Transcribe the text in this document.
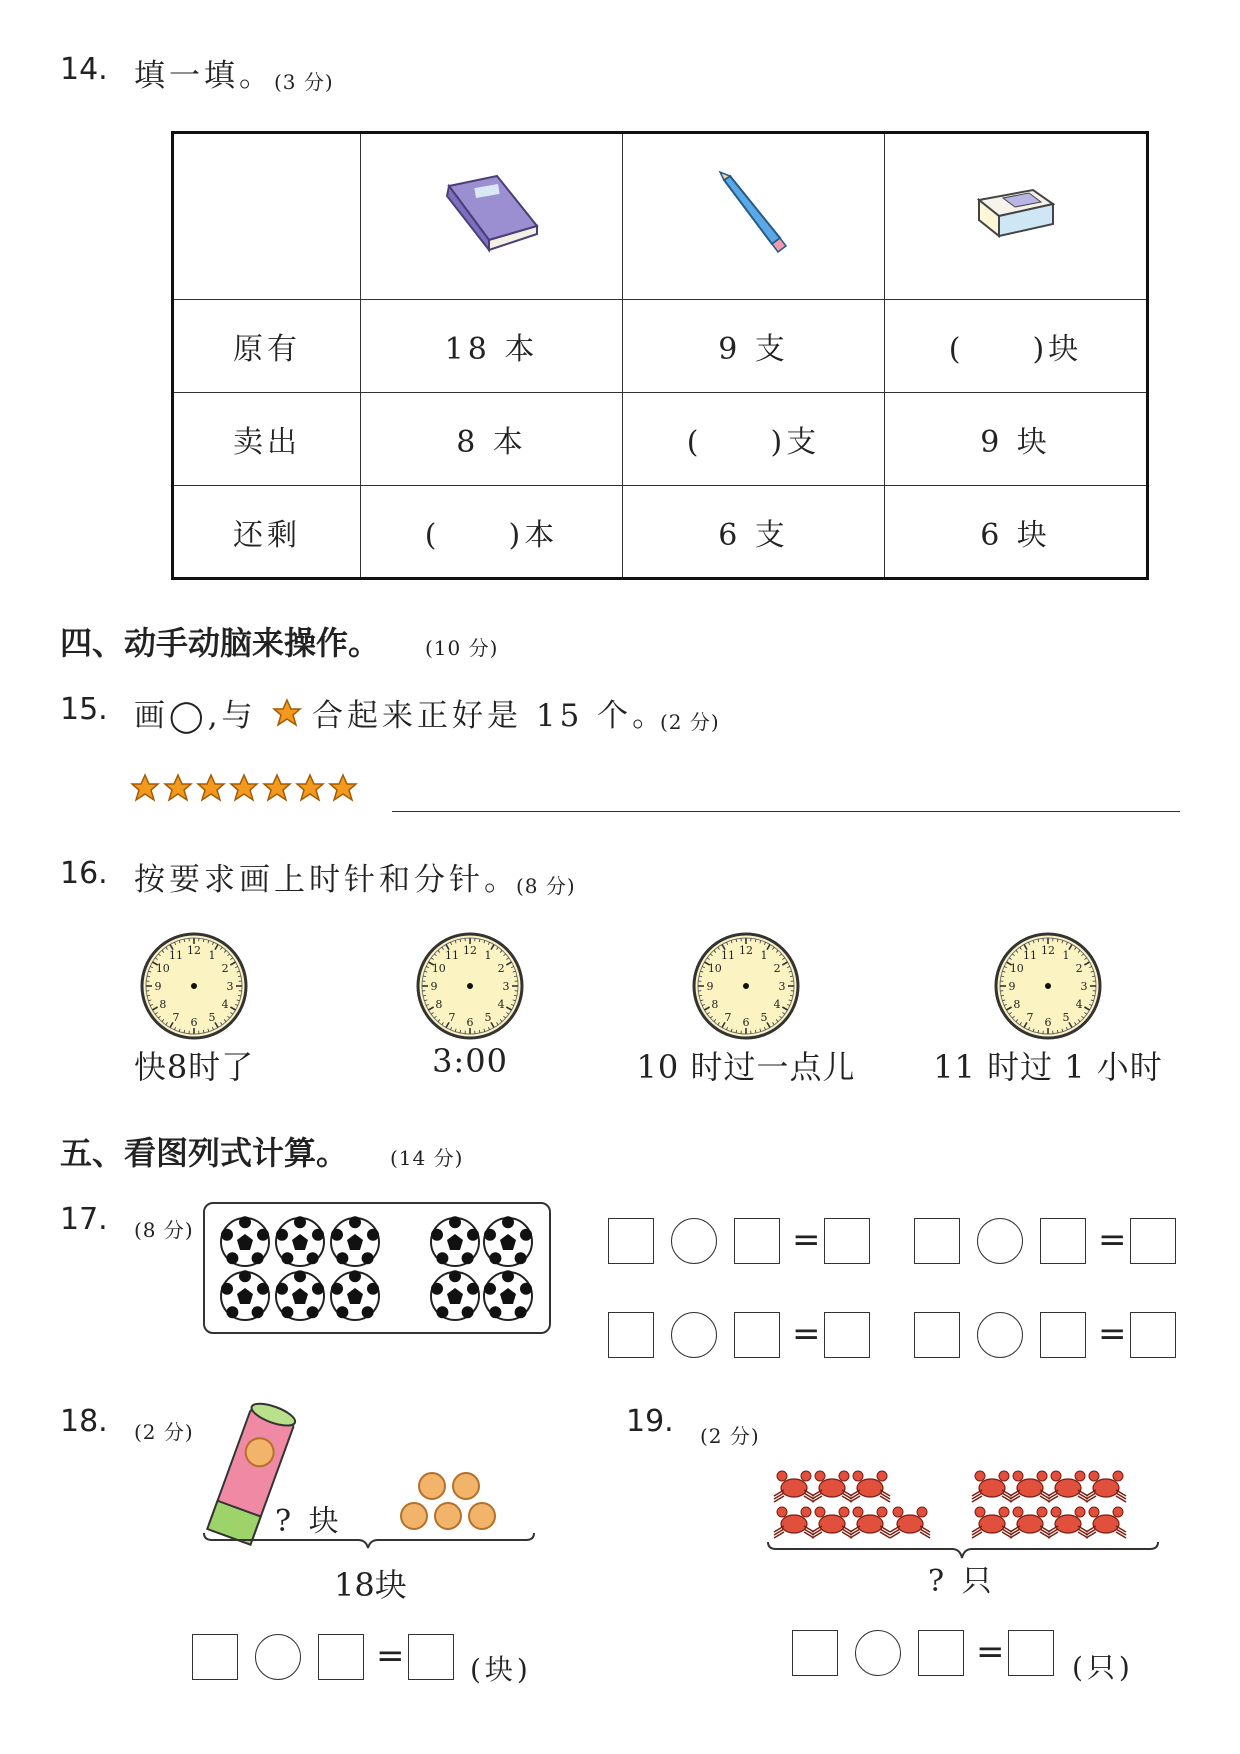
14. 填一填。 (3 分)

原有	18 本	9 支	(　　)块
卖出	8 本	(　　)支	9 块
还剩	(　　)本	6 支	6 块
四、动手动脑来操作。 (10 分)
15. 画◯,与 合起来正好是 15 个。
(2 分)
16. 按要求画上时针和分针。
(8 分)
1
2
3
4
5
6
7
8
9
10
11 12	1
2
3
4
5
6
7
8
9
10
11 12	1
2
3
4
5
6
7
8
9
10
11 12	1
2
3
4
5
6
7
8
9
10
11 12
快8时了	3:00	10 时过一点儿	11 时过 1 小时
五、看图列式计算。 (14 分)
17. (8 分)	=	=
=	=
18. (2 分)
? 块
18块
= (块)
19. (2 分)
? 只
= (只)
